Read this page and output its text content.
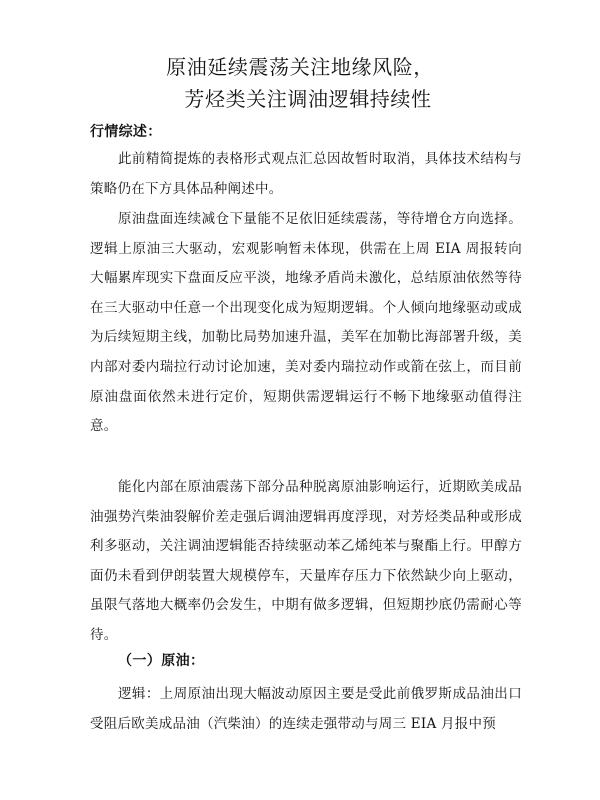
原油延续震荡关注地缘风险，
芳烃类关注调油逻辑持续性
行情综述：

此前精简提炼的表格形式观点汇总因故暂时取消，具体技术结构与策略仍在下方具体品种阐述中。

原油盘面连续减仓下量能不足依旧延续震荡，等待增仓方向选择。逻辑上原油三大驱动，宏观影响暂未体现，供需在上周 EIA 周报转向大幅累库现实下盘面反应平淡，地缘矛盾尚未激化，总结原油依然等待在三大驱动中任意一个出现变化成为短期逻辑。个人倾向地缘驱动或成为后续短期主线，加勒比局势加速升温，美军在加勒比海部署升级，美内部对委内瑞拉行动讨论加速，美对委内瑞拉动作或箭在弦上，而目前原油盘面依然未进行定价，短期供需逻辑运行不畅下地缘驱动值得注意。

能化内部在原油震荡下部分品种脱离原油影响运行，近期欧美成品油强势汽柴油裂解价差走强后调油逻辑再度浮现，对芳烃类品种或形成利多驱动，关注调油逻辑能否持续驱动苯乙烯纯苯与聚酯上行。甲醇方面仍未看到伊朗装置大规模停车，天量库存压力下依然缺少向上驱动，虽限气落地大概率仍会发生，中期有做多逻辑，但短期抄底仍需耐心等待。

（一）原油：

逻辑：上周原油出现大幅波动原因主要是受此前俄罗斯成品油出口受阻后欧美成品油（汽柴油）的连续走强带动与周三 EIA 月报中预
